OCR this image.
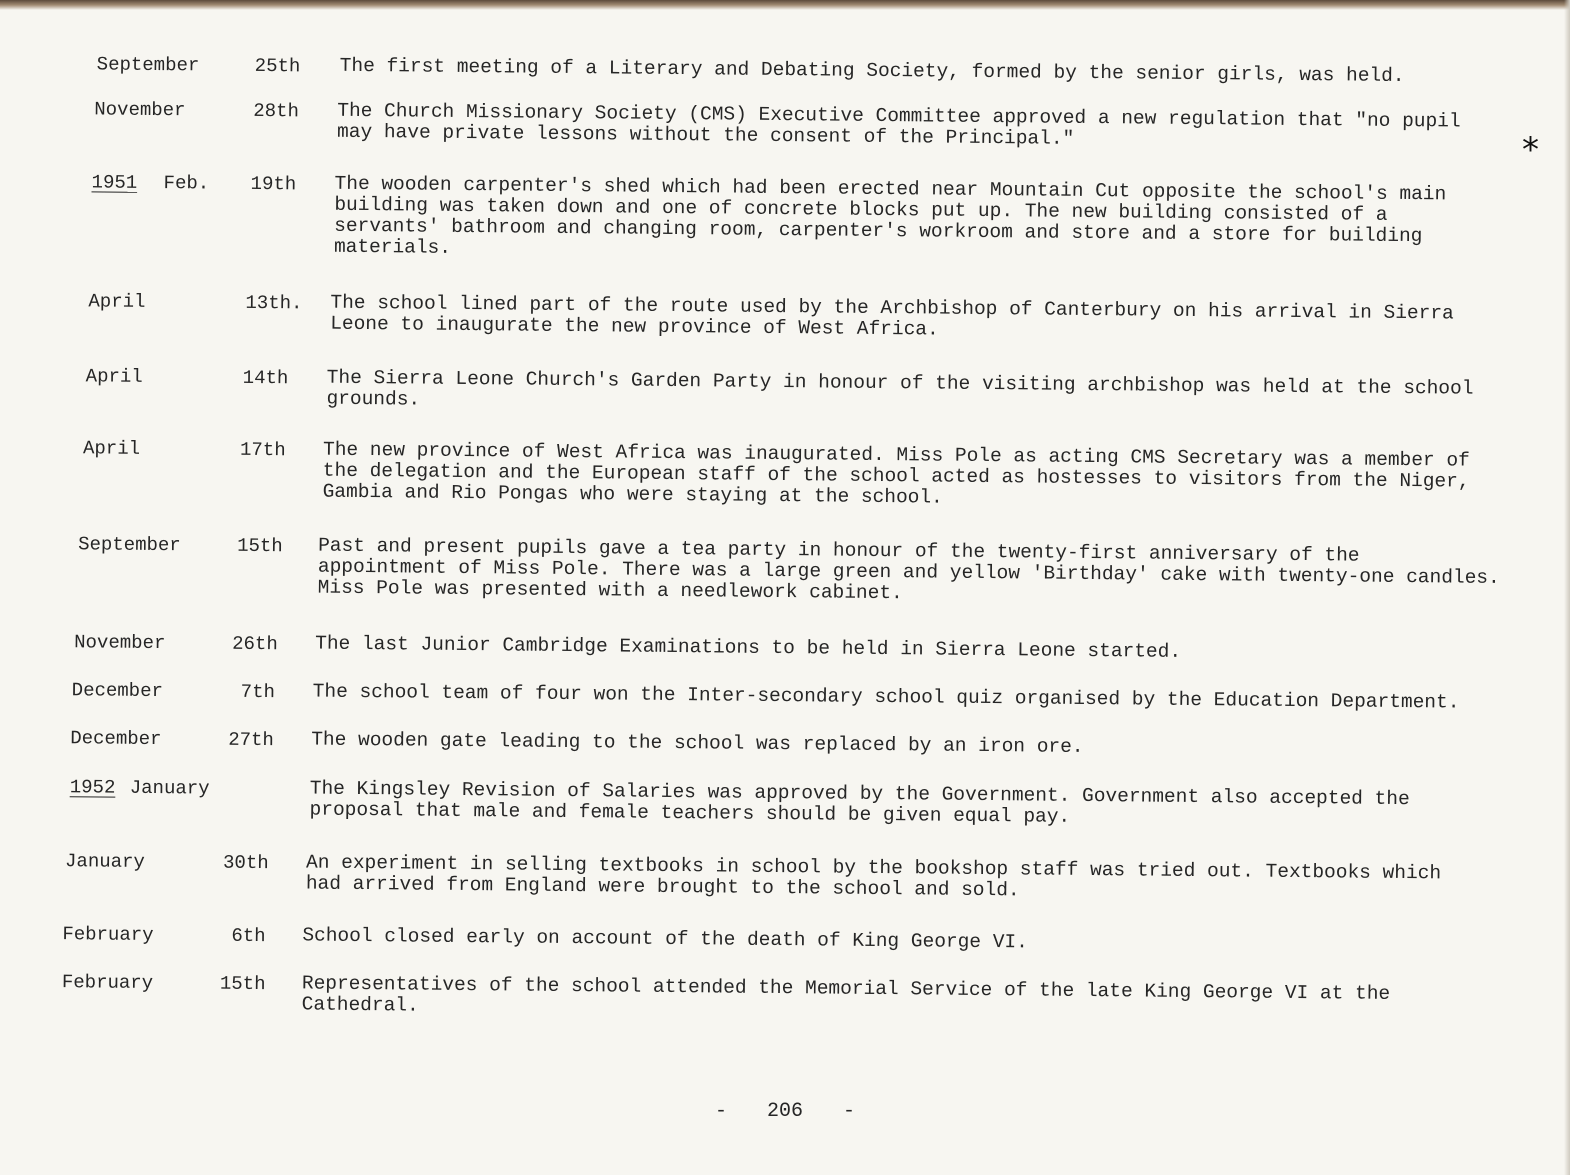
September	25th The first meeting of a Literary and Debating Society, formed by the senior girls, was held.
November	28th The Church Missionary Society (CMS) Executive Committee approved a new regulation that "no pupil
may have private lessons without the consent of the Principal."
1951 Feb. 19th The wooden carpenter's shed which had been erected near Mountain Cut opposite the school's main
building was taken down and one of concrete blocks put up. The new building consisted of a
servants' bathroom and changing room, carpenter's workroom and store and a store for building
materials.
April	13th. The school lined part of the route used by the Archbishop of Canterbury on his arrival in Sierra
Leone to inaugurate the new province of West Africa.
April	14th The Sierra Leone Church's Garden Party in honour of the visiting archbishop was held at the school
grounds.
April	17th The new province of West Africa was inaugurated. Miss Pole as acting CMS Secretary was a member of
the delegation and the European staff of the school acted as hostesses to visitors from the Niger,
Gambia and Rio Pongas who were staying at the school.
September	15th Past and present pupils gave a tea party in honour of the twenty-first anniversary of the
appointment of Miss Pole. There was a large green and yellow 'Birthday' cake with twenty-one candles.
Miss Pole was presented with a needlework cabinet.
November	26th The last Junior Cambridge Examinations to be held in Sierra Leone started.
December	7th The school team of four won the Inter-secondary school quiz organised by the Education Department.
December	27th The wooden gate leading to the school was replaced by an iron ore.
1952 January	The Kingsley Revision of Salaries was approved by the Government. Government also accepted the
proposal that male and female teachers should be given equal pay.
January	30th An experiment in selling textbooks in school by the bookshop staff was tried out. Textbooks which
had arrived from England were brought to the school and sold.
February	6th School closed early on account of the death of King George VI.
February	15th Representatives of the school attended the Memorial Service of the late King George VI at the
Cathedral.
*
- 206 -
